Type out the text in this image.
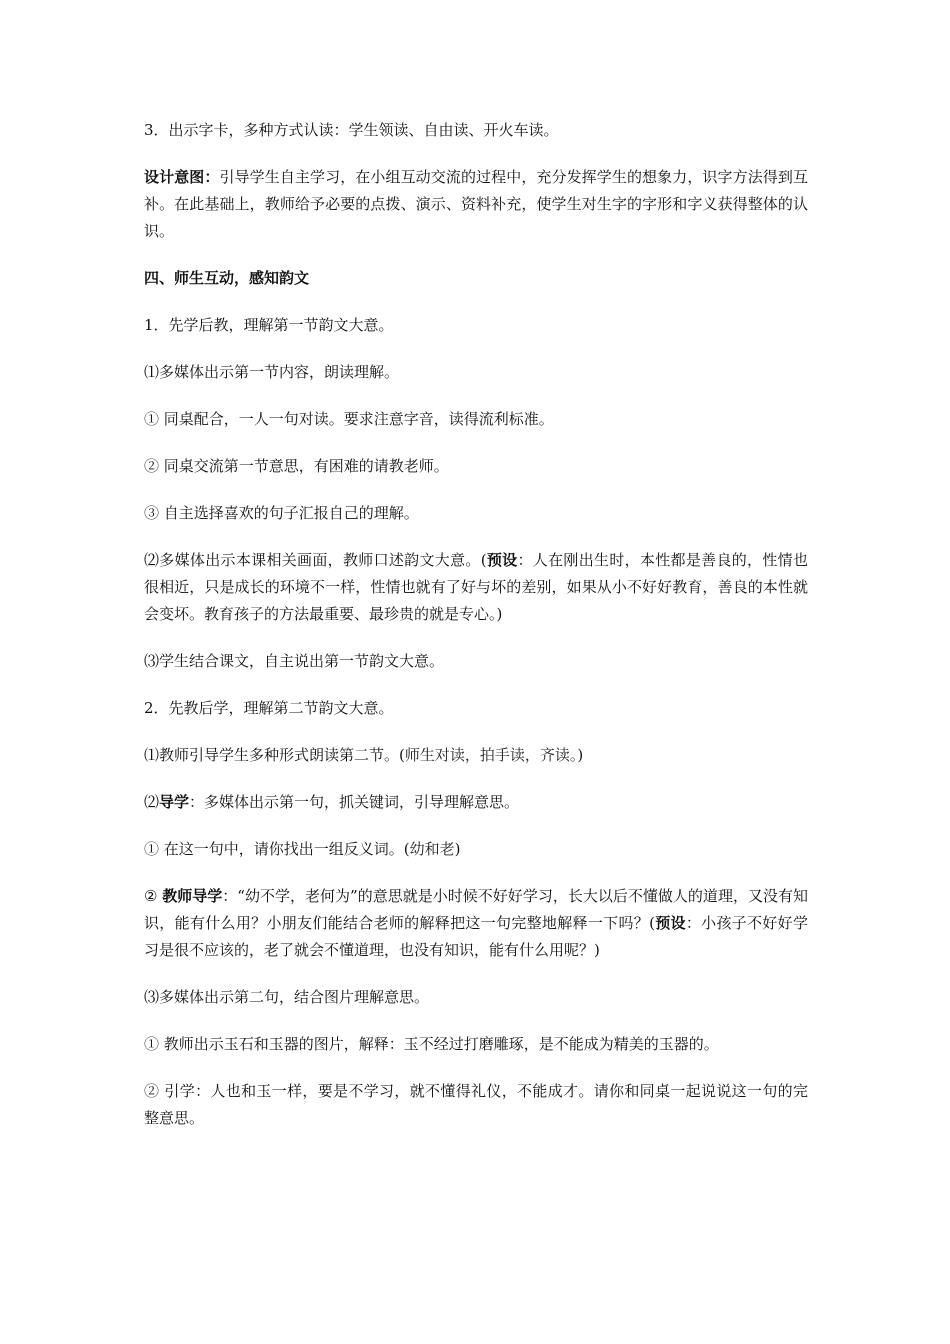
3．出示字卡，多种方式认读：学生领读、自由读、开火车读。

设计意图：引导学生自主学习，在小组互动交流的过程中，充分发挥学生的想象力，识字方法得到互补。在此基础上，教师给予必要的点拨、演示、资料补充，使学生对生字的字形和字义获得整体的认识。

四、师生互动，感知韵文

1．先学后教，理解第一节韵文大意。

⑴多媒体出示第一节内容，朗读理解。

① 同桌配合，一人一句对读。要求注意字音，读得流利标准。

② 同桌交流第一节意思，有困难的请教老师。

③ 自主选择喜欢的句子汇报自己的理解。

⑵多媒体出示本课相关画面，教师口述韵文大意。(预设：人在刚出生时，本性都是善良的，性情也很相近，只是成长的环境不一样，性情也就有了好与坏的差别，如果从小不好好教育，善良的本性就会变坏。教育孩子的方法最重要、最珍贵的就是专心。)

⑶学生结合课文，自主说出第一节韵文大意。

2．先教后学，理解第二节韵文大意。

⑴教师引导学生多种形式朗读第二节。(师生对读，拍手读，齐读。)

⑵导学：多媒体出示第一句，抓关键词，引导理解意思。

① 在这一句中，请你找出一组反义词。(幼和老)

② 教师导学：“幼不学，老何为”的意思就是小时候不好好学习，长大以后不懂做人的道理，又没有知识，能有什么用？小朋友们能结合老师的解释把这一句完整地解释一下吗？(预设：小孩子不好好学习是很不应该的，老了就会不懂道理，也没有知识，能有什么用呢？)

⑶多媒体出示第二句，结合图片理解意思。

① 教师出示玉石和玉器的图片，解释：玉不经过打磨雕琢，是不能成为精美的玉器的。

② 引学：人也和玉一样，要是不学习，就不懂得礼仪，不能成才。请你和同桌一起说说这一句的完整意思。
